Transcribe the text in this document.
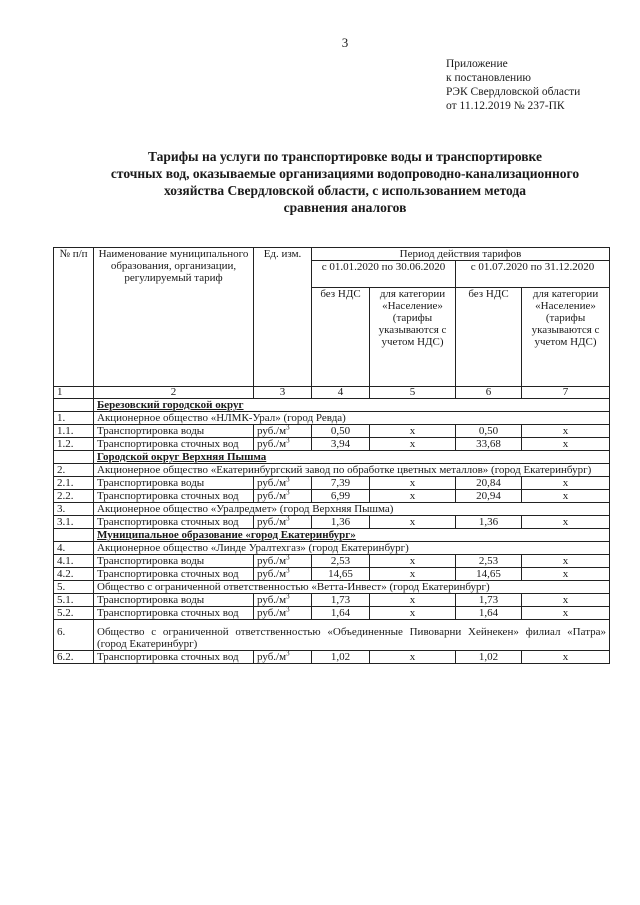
3
Приложение
к постановлению
РЭК Свердловской области
от 11.12.2019 № 237-ПК
Тарифы на услуги по транспортировке воды и транспортировке
сточных вод, оказываемые организациями водопроводно-канализационного
хозяйства Свердловской области, с использованием метода
сравнения аналогов
№ п/п	Наименование муниципального образования, организации, регулируемый тариф	Ед. изм.	Период действия тарифов			
			с 01.01.2020 по 30.06.2020		с 01.07.2020 по 31.12.2020	
			без НДС	для категории «Население» (тарифы указываются с учетом НДС)	без НДС	для категории «Население» (тарифы указываются с учетом НДС)
1	2	3	4	5	6	7
	Березовский городской округ					
1.	Акционерное общество «НЛМК-Урал» (город Ревда)					
1.1.	Транспортировка воды	$руб./м^3$	0,50	х	0,50	х
1.2.	Транспортировка сточных вод	$руб./м^3$	3,94	х	33,68	х
	Городской округ Верхняя Пышма					
2.	Акционерное общество «Екатеринбургский завод по обработке цветных металлов» (город Екатеринбург)					
2.1.	Транспортировка воды	$руб./м^3$	7,39	х	20,84	х
2.2.	Транспортировка сточных вод	$руб./м^3$	6,99	х	20,94	х
3.	Акционерное общество «Уралредмет» (город Верхняя Пышма)					
3.1.	Транспортировка сточных вод	$руб./м^3$	1,36	х	1,36	х
	Муниципальное образование «город Екатеринбург»					
4.	Акционерное общество «Линде Уралтехгаз» (город Екатеринбург)					
4.1.	Транспортировка воды	$руб./м^3$	2,53	х	2,53	х
4.2.	Транспортировка сточных вод	$руб./м^3$	14,65	х	14,65	х
5.	Общество с ограниченной ответственностью «Ветта-Инвест» (город Екатеринбург)					
5.1.	Транспортировка воды	$руб./м^3$	1,73	х	1,73	х
5.2.	Транспортировка сточных вод	$руб./м^3$	1,64	х	1,64	х
6.	Общество с ограниченной ответственностью «Объединенные Пивоварни Хейнекен» филиал «Патра» (город Екатеринбург)					
6.2.	Транспортировка сточных вод	$руб./м^3$	1,02	х	1,02	х
